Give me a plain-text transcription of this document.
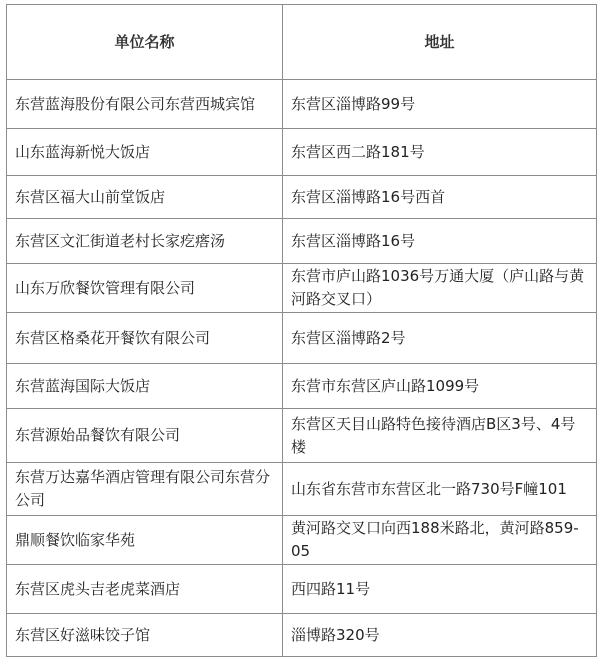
单位名称	地址
东营蓝海股份有限公司东营西城宾馆	东营区淄博路99号
山东蓝海新悦大饭店	东营区西二路181号
东营区福大山前堂饭店	东营区淄博路16号西首
东营区文汇街道老村长家疙瘩汤	东营区淄博路16号
山东万欣餐饮管理有限公司	东营市庐山路1036号万通大厦（庐山路与黄河路交叉口）
东营区格桑花开餐饮有限公司	东营区淄博路2号
东营蓝海国际大饭店	东营市东营区庐山路1099号
东营源始品餐饮有限公司	东营区天目山路特色接待酒店B区3号、4号楼
东营万达嘉华酒店管理有限公司东营分公司	山东省东营市东营区北一路730号F幢101
鼎顺餐饮临家华苑	黄河路交叉口向西188米路北，黄河路859-05
东营区虎头吉老虎菜酒店	西四路11号
东营区好滋味饺子馆	淄博路320号
